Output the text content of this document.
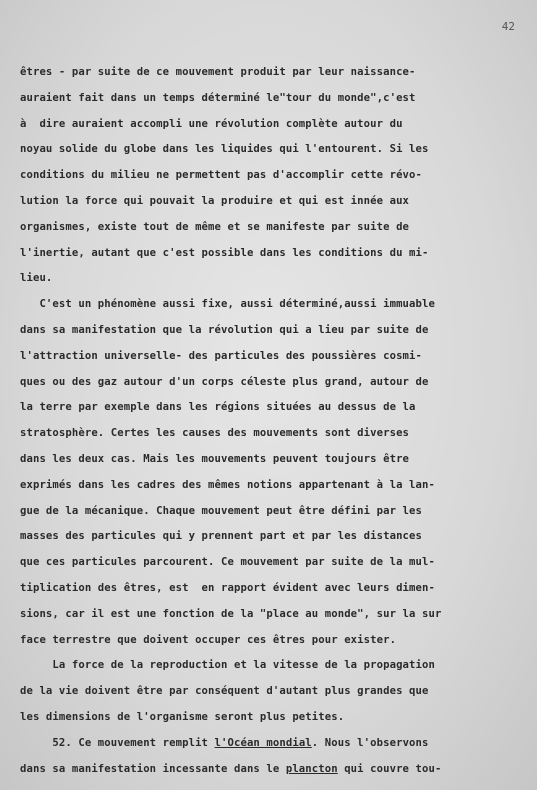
42
êtres - par suite de ce mouvement produit par leur naissance-
auraient fait dans un temps déterminé le"tour du monde",c'est
à  dire auraient accompli une révolution complète autour du
noyau solide du globe dans les liquides qui l'entourent. Si les
conditions du milieu ne permettent pas d'accomplir cette révo-
lution la force qui pouvait la produire et qui est innée aux
organismes, existe tout de même et se manifeste par suite de
l'inertie, autant que c'est possible dans les conditions du mi-
lieu.
C'est un phénomène aussi fixe, aussi déterminé,aussi immuable
dans sa manifestation que la révolution qui a lieu par suite de
l'attraction universelle- des particules des poussières cosmi-
ques ou des gaz autour d'un corps céleste plus grand, autour de
la terre par exemple dans les régions situées au dessus de la
stratosphère. Certes les causes des mouvements sont diverses
dans les deux cas. Mais les mouvements peuvent toujours être
exprimés dans les cadres des mêmes notions appartenant à la lan-
gue de la mécanique. Chaque mouvement peut être défini par les
masses des particules qui y prennent part et par les distances
que ces particules parcourent. Ce mouvement par suite de la mul-
tiplication des êtres, est  en rapport évident avec leurs dimen-
sions, car il est une fonction de la "place au monde", sur la sur
face terrestre que doivent occuper ces êtres pour exister.
La force de la reproduction et la vitesse de la propagation
de la vie doivent être par conséquent d'autant plus grandes que
les dimensions de l'organisme seront plus petites.
52. Ce mouvement remplit l'Océan mondial. Nous l'observons
dans sa manifestation incessante dans le plancton qui couvre tou-
